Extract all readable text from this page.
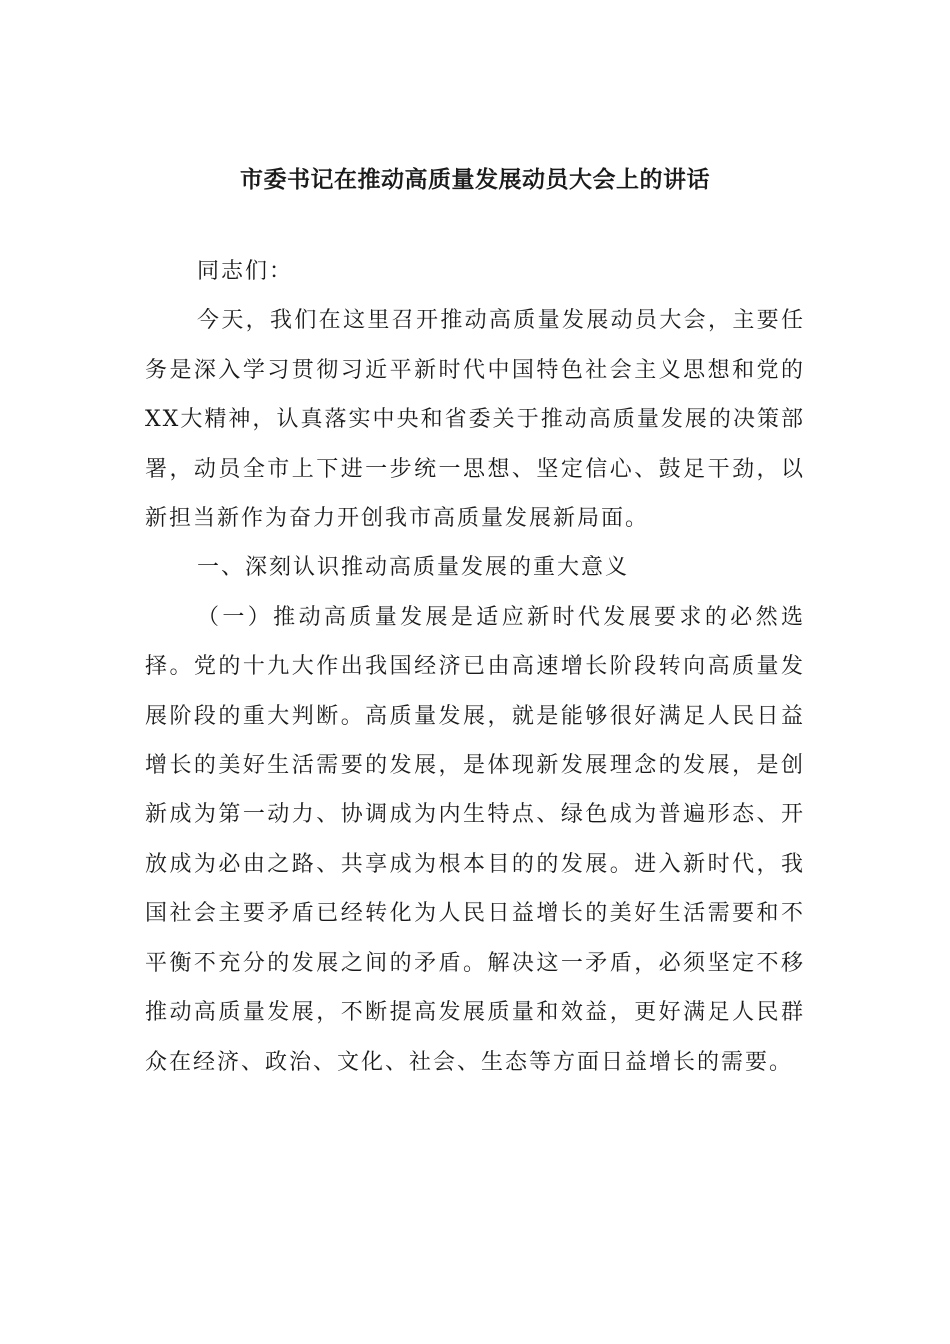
市委书记在推动高质量发展动员大会上的讲话

同志们：

今天，我们在这里召开推动高质量发展动员大会，主要任务是深入学习贯彻习近平新时代中国特色社会主义思想和党的XX大精神，认真落实中央和省委关于推动高质量发展的决策部署，动员全市上下进一步统一思想、坚定信心、鼓足干劲，以新担当新作为奋力开创我市高质量发展新局面。

一、深刻认识推动高质量发展的重大意义

（一）推动高质量发展是适应新时代发展要求的必然选择。党的十九大作出我国经济已由高速增长阶段转向高质量发展阶段的重大判断。高质量发展，就是能够很好满足人民日益增长的美好生活需要的发展，是体现新发展理念的发展，是创新成为第一动力、协调成为内生特点、绿色成为普遍形态、开放成为必由之路、共享成为根本目的的发展。进入新时代，我国社会主要矛盾已经转化为人民日益增长的美好生活需要和不平衡不充分的发展之间的矛盾。解决这一矛盾，必须坚定不移推动高质量发展，不断提高发展质量和效益，更好满足人民群众在经济、政治、文化、社会、生态等方面日益增长的需要。
